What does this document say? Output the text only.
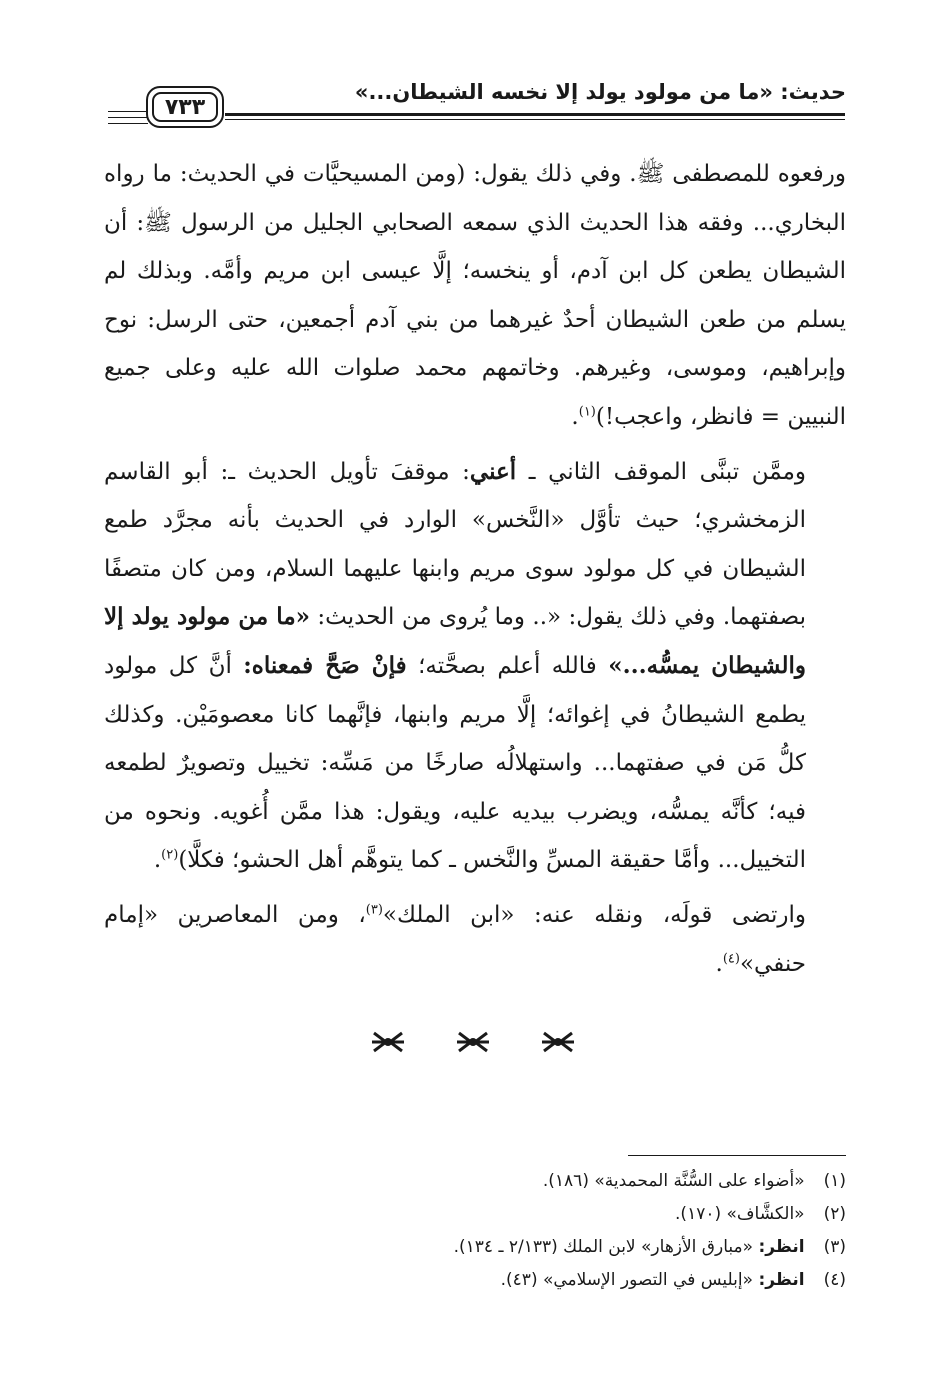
حديث: «ما من مولود يولد إلا نخسه الشيطان...»
٧٣٣

ورفعوه للمصطفى ﷺ. وفي ذلك يقول: (ومن المسيحيَّات في الحديث: ما رواه البخاري... وفقه هذا الحديث الذي سمعه الصحابي الجليل من الرسول ﷺ: أن الشيطان يطعن كل ابن آدم، أو ينخسه؛ إلَّا عيسى ابن مريم وأمَّه. وبذلك لم يسلم من طعن الشيطان أحدٌ غيرهما من بني آدم أجمعين، حتى الرسل: نوح وإبراهيم، وموسى، وغيرهم. وخاتمهم محمد صلوات الله عليه وعلى جميع النبيين = فانظر، واعجب!)$^{(١)}$.

وممَّن تبنَّى الموقف الثاني ـ أعني: موقفَ تأويل الحديث ـ: أبو القاسم الزمخشري؛ حيث تأوَّل «النَّخس» الوارد في الحديث بأنه مجرَّد طمع الشيطان في كل مولود سوى مريم وابنها عليهما السلام، ومن كان متصفًا بصفتهما. وفي ذلك يقول: «.. وما يُروى من الحديث: «ما من مولود يولد إلا والشيطان يمسُّه...» فالله أعلم بصحَّته؛ فإنْ صَحَّ فمعناه: أنَّ كل مولود يطمع الشيطانُ في إغوائه؛ إلَّا مريم وابنها، فإنَّهما كانا معصومَيْن. وكذلك كلُّ مَن في صفتهما... واستهلالُه صارخًا من مَسِّه: تخييل وتصويرٌ لطمعه فيه؛ كأنَّه يمسُّه، ويضرب بيديه عليه، ويقول: هذا ممَّن أُغويه. ونحوه من التخييل... وأمَّا حقيقة المسِّ والنَّخس ـ كما يتوهَّم أهل الحشو؛ فكلَّا)$^{(٢)}$.

وارتضى قولَه، ونقله عنه: «ابن الملك»$^{(٣)}$، ومن المعاصرين «إمام حنفي»$^{(٤)}$.

(١) «أضواء على السُّنَّة المحمدية» (١٨٦).
(٢) «الكشَّاف» (١٧٠).
(٣) انظر: «مبارق الأزهار» لابن الملك (٢/١٣٣ ـ ١٣٤).
(٤) انظر: «إبليس في التصور الإسلامي» (٤٣).
